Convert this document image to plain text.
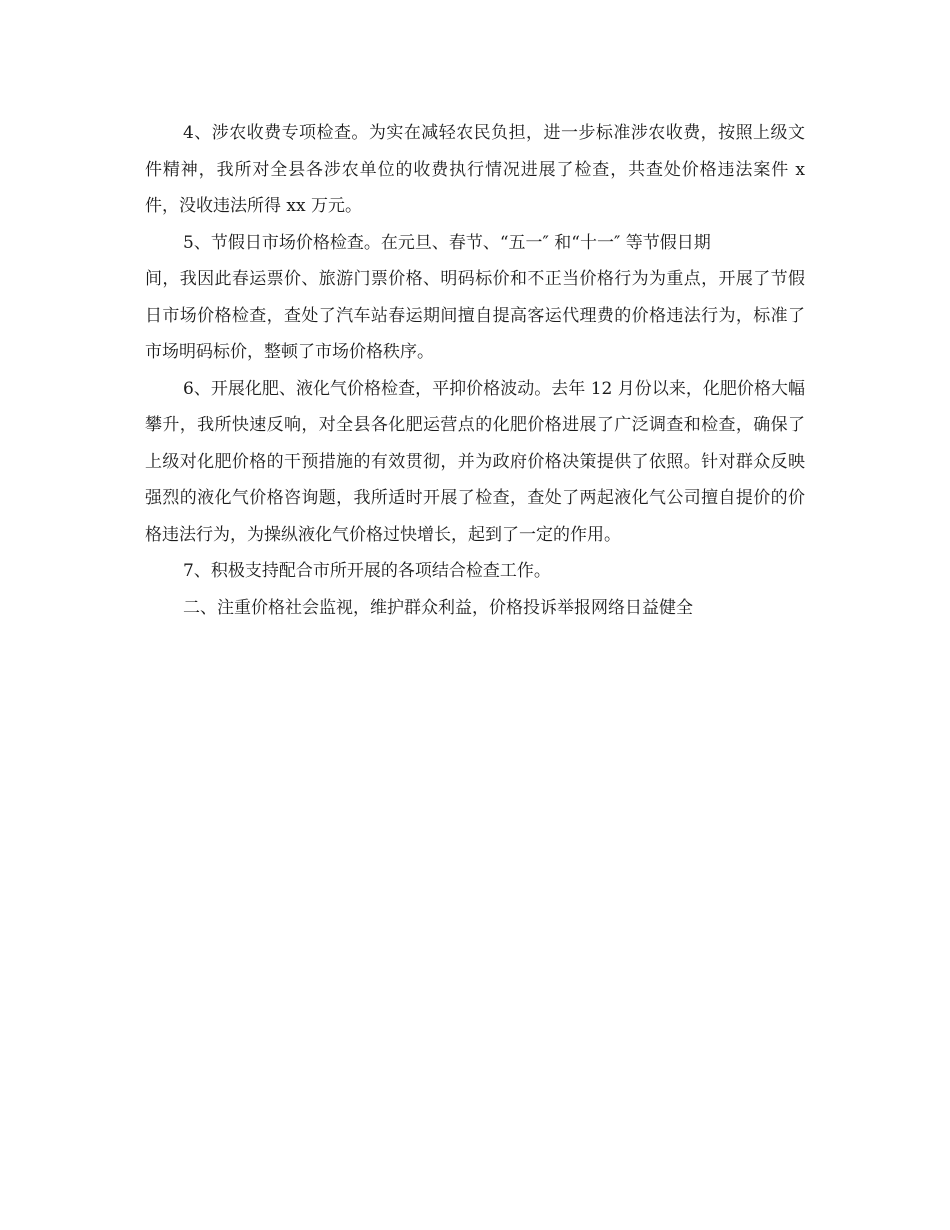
4、涉农收费专项检查。为实在减轻农民负担，进一步标准涉农收费，按照上级文件精神，我所对全县各涉农单位的收费执行情况进展了检查，共查处价格违法案件 x 件，没收违法所得 xx 万元。

5、节假日市场价格检查。在元旦、春节、“五一″ 和“十一″ 等节假日期

间，我因此春运票价、旅游门票价格、明码标价和不正当价格行为为重点，开展了节假日市场价格检查，查处了汽车站春运期间擅自提高客运代理费的价格违法行为，标准了市场明码标价，整顿了市场价格秩序。

6、开展化肥、液化气价格检查，平抑价格波动。去年 12 月份以来，化肥价格大幅攀升，我所快速反响，对全县各化肥运营点的化肥价格进展了广泛调查和检查，确保了上级对化肥价格的干预措施的有效贯彻，并为政府价格决策提供了依照。针对群众反映强烈的液化气价格咨询题，我所适时开展了检查，查处了两起液化气公司擅自提价的价格违法行为，为操纵液化气价格过快增长，起到了一定的作用。

7、积极支持配合市所开展的各项结合检查工作。

二、注重价格社会监视，维护群众利益，价格投诉举报网络日益健全
